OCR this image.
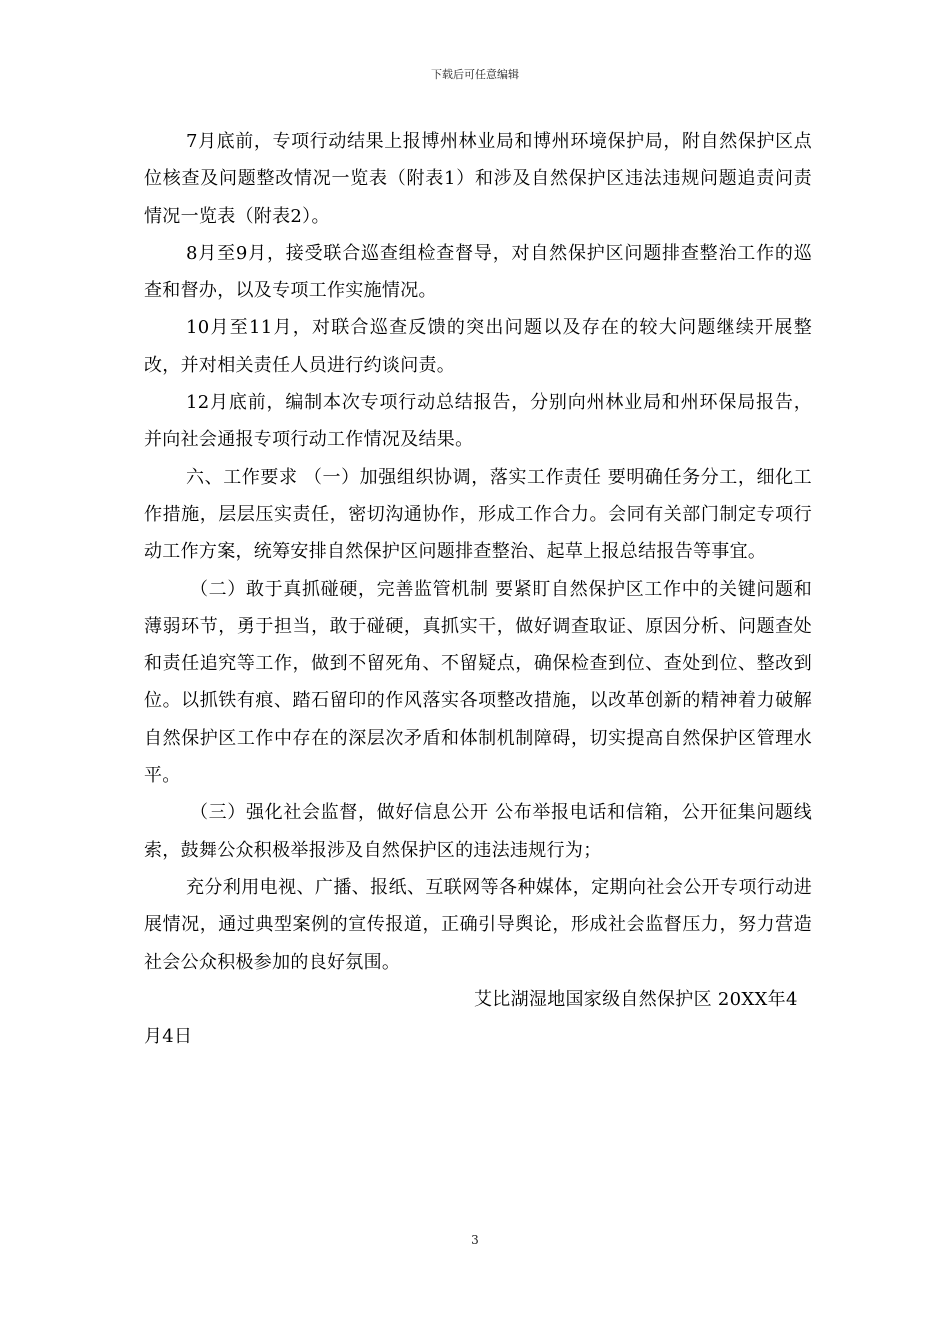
下载后可任意编辑

7月底前，专项行动结果上报博州林业局和博州环境保护局，附自然保护区点位核查及问题整改情况一览表（附表1）和涉及自然保护区违法违规问题追责问责情况一览表（附表2）。

8月至9月，接受联合巡查组检查督导，对自然保护区问题排查整治工作的巡查和督办，以及专项工作实施情况。

10月至11月，对联合巡查反馈的突出问题以及存在的较大问题继续开展整改，并对相关责任人员进行约谈问责。

12月底前，编制本次专项行动总结报告，分别向州林业局和州环保局报告，并向社会通报专项行动工作情况及结果。

六、工作要求 （一）加强组织协调，落实工作责任 要明确任务分工，细化工作措施，层层压实责任，密切沟通协作，形成工作合力。会同有关部门制定专项行动工作方案，统筹安排自然保护区问题排查整治、起草上报总结报告等事宜。

（二）敢于真抓碰硬，完善监管机制 要紧盯自然保护区工作中的关键问题和薄弱环节，勇于担当，敢于碰硬，真抓实干，做好调查取证、原因分析、问题查处和责任追究等工作，做到不留死角、不留疑点，确保检查到位、查处到位、整改到位。以抓铁有痕、踏石留印的作风落实各项整改措施，以改革创新的精神着力破解自然保护区工作中存在的深层次矛盾和体制机制障碍，切实提高自然保护区管理水平。

（三）强化社会监督，做好信息公开 公布举报电话和信箱，公开征集问题线索，鼓舞公众积极举报涉及自然保护区的违法违规行为；

充分利用电视、广播、报纸、互联网等各种媒体，定期向社会公开专项行动进展情况，通过典型案例的宣传报道，正确引导舆论，形成社会监督压力，努力营造社会公众积极参加的良好氛围。

艾比湖湿地国家级自然保护区 20XX年4

月4日

3
